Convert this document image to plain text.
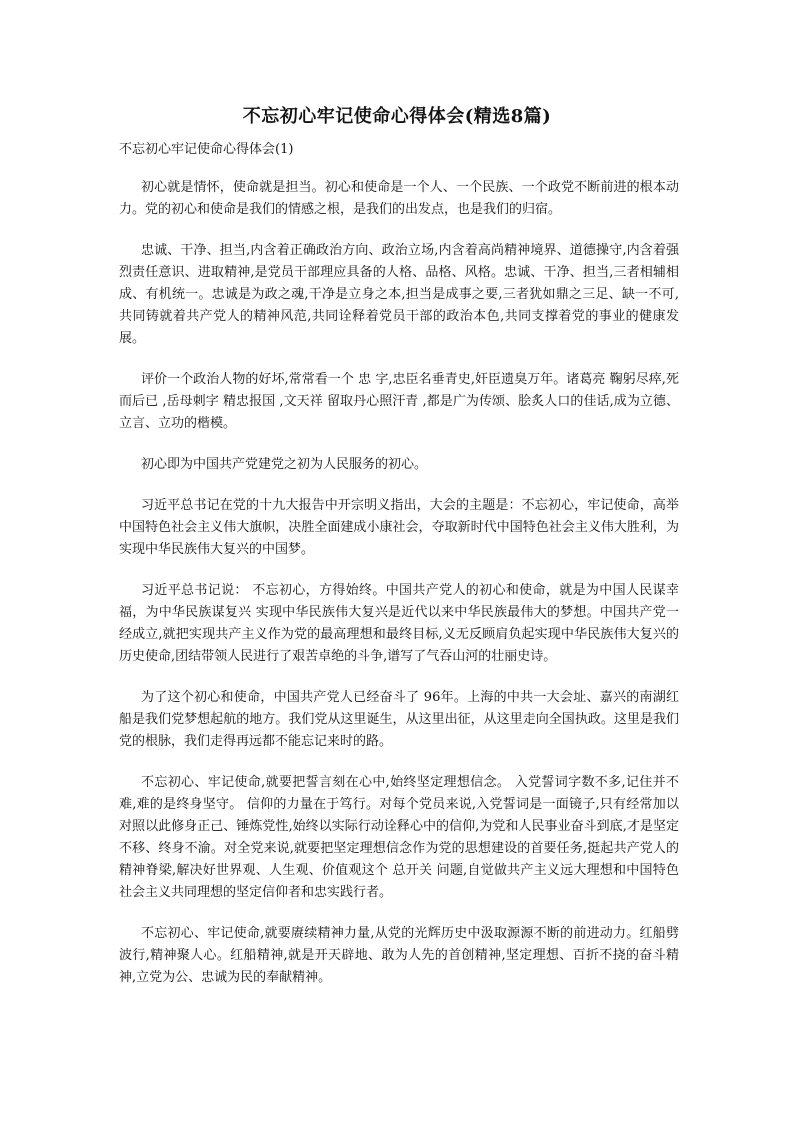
不忘初心牢记使命心得体会(精选8篇)
不忘初心牢记使命心得体会(1)

初心就是情怀，使命就是担当。初心和使命是一个人、一个民族、一个政党不断前进的根本动力。党的初心和使命是我们的情感之根，是我们的出发点，也是我们的归宿。

忠诚、干净、担当,内含着正确政治方向、政治立场,内含着高尚精神境界、道德操守,内含着强烈责任意识、进取精神,是党员干部理应具备的人格、品格、风格。忠诚、干净、担当,三者相辅相成、有机统一。忠诚是为政之魂,干净是立身之本,担当是成事之要,三者犹如鼎之三足、缺一不可,共同铸就着共产党人的精神风范,共同诠释着党员干部的政治本色,共同支撑着党的事业的健康发展。

评价一个政治人物的好坏,常常看一个 忠 字,忠臣名垂青史,奸臣遗臭万年。诸葛亮 鞠躬尽瘁,死而后已 ,岳母刺字 精忠报国 ,文天祥 留取丹心照汗青 ,都是广为传颂、脍炙人口的佳话,成为立德、立言、立功的楷模。

初心即为中国共产党建党之初为人民服务的初心。

习近平总书记在党的十九大报告中开宗明义指出，大会的主题是：不忘初心，牢记使命，高举中国特色社会主义伟大旗帜，决胜全面建成小康社会，夺取新时代中国特色社会主义伟大胜利，为实现中华民族伟大复兴的中国梦。

习近平总书记说： 不忘初心，方得始终。中国共产党人的初心和使命，就是为中国人民谋幸福，为中华民族谋复兴 实现中华民族伟大复兴是近代以来中华民族最伟大的梦想。中国共产党一经成立,就把实现共产主义作为党的最高理想和最终目标,义无反顾肩负起实现中华民族伟大复兴的历史使命,团结带领人民进行了艰苦卓绝的斗争,谱写了气吞山河的壮丽史诗。

为了这个初心和使命，中国共产党人已经奋斗了 96年。上海的中共一大会址、嘉兴的南湖红船是我们党梦想起航的地方。我们党从这里诞生，从这里出征，从这里走向全国执政。这里是我们党的根脉，我们走得再远都不能忘记来时的路。

不忘初心、牢记使命,就要把誓言刻在心中,始终坚定理想信念。 入党誓词字数不多,记住并不难,难的是终身坚守。 信仰的力量在于笃行。对每个党员来说,入党誓词是一面镜子,只有经常加以对照以此修身正己、锤炼党性,始终以实际行动诠释心中的信仰,为党和人民事业奋斗到底,才是坚定不移、终身不渝。对全党来说,就要把坚定理想信念作为党的思想建设的首要任务,挺起共产党人的精神脊梁,解决好世界观、人生观、价值观这个 总开关 问题,自觉做共产主义远大理想和中国特色社会主义共同理想的坚定信仰者和忠实践行者。

不忘初心、牢记使命,就要赓续精神力量,从党的光辉历史中汲取源源不断的前进动力。红船劈波行,精神聚人心。红船精神,就是开天辟地、敢为人先的首创精神,坚定理想、百折不挠的奋斗精神,立党为公、忠诚为民的奉献精神。
